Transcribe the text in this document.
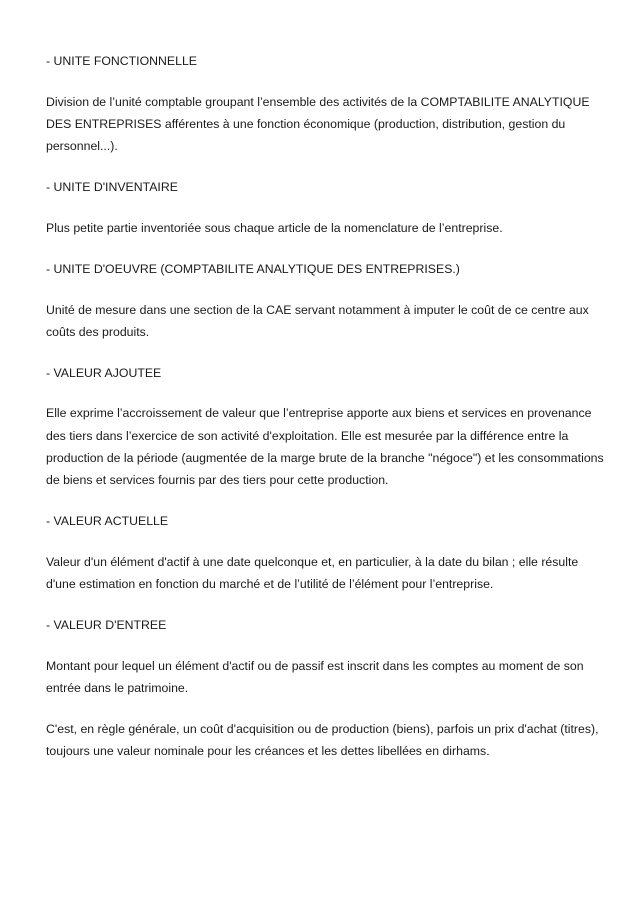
- UNITE FONCTIONNELLE

Division de l’unité comptable groupant l’ensemble des activités de la COMPTABILITE ANALYTIQUE DES ENTREPRISES afférentes à une fonction économique (production, distribution, gestion du personnel...).

- UNITE D'INVENTAIRE

Plus petite partie inventoriée sous chaque article de la nomenclature de l’entreprise.

- UNITE D'OEUVRE (COMPTABILITE ANALYTIQUE DES ENTREPRISES.)

Unité de mesure dans une section de la CAE servant notamment à imputer le coût de ce centre aux coûts des produits.

- VALEUR AJOUTEE

Elle exprime l’accroissement de valeur que l’entreprise apporte aux biens et services en provenance des tiers dans l’exercice de son activité d'exploitation. Elle est mesurée par la différence entre la production de la période (augmentée de la marge brute de la branche "négoce") et les consommations de biens et services fournis par des tiers pour cette production.

- VALEUR ACTUELLE

Valeur d'un élément d'actif à une date quelconque et, en particulier, à la date du bilan ; elle résulte d'une estimation en fonction du marché et de l’utilité de l’élément pour l’entreprise.

- VALEUR D'ENTREE

Montant pour lequel un élément d'actif ou de passif est inscrit dans les comptes au moment de son entrée dans le patrimoine.

C'est, en règle générale, un coût d'acquisition ou de production (biens), parfois un prix d'achat (titres), toujours une valeur nominale pour les créances et les dettes libellées en dirhams.
